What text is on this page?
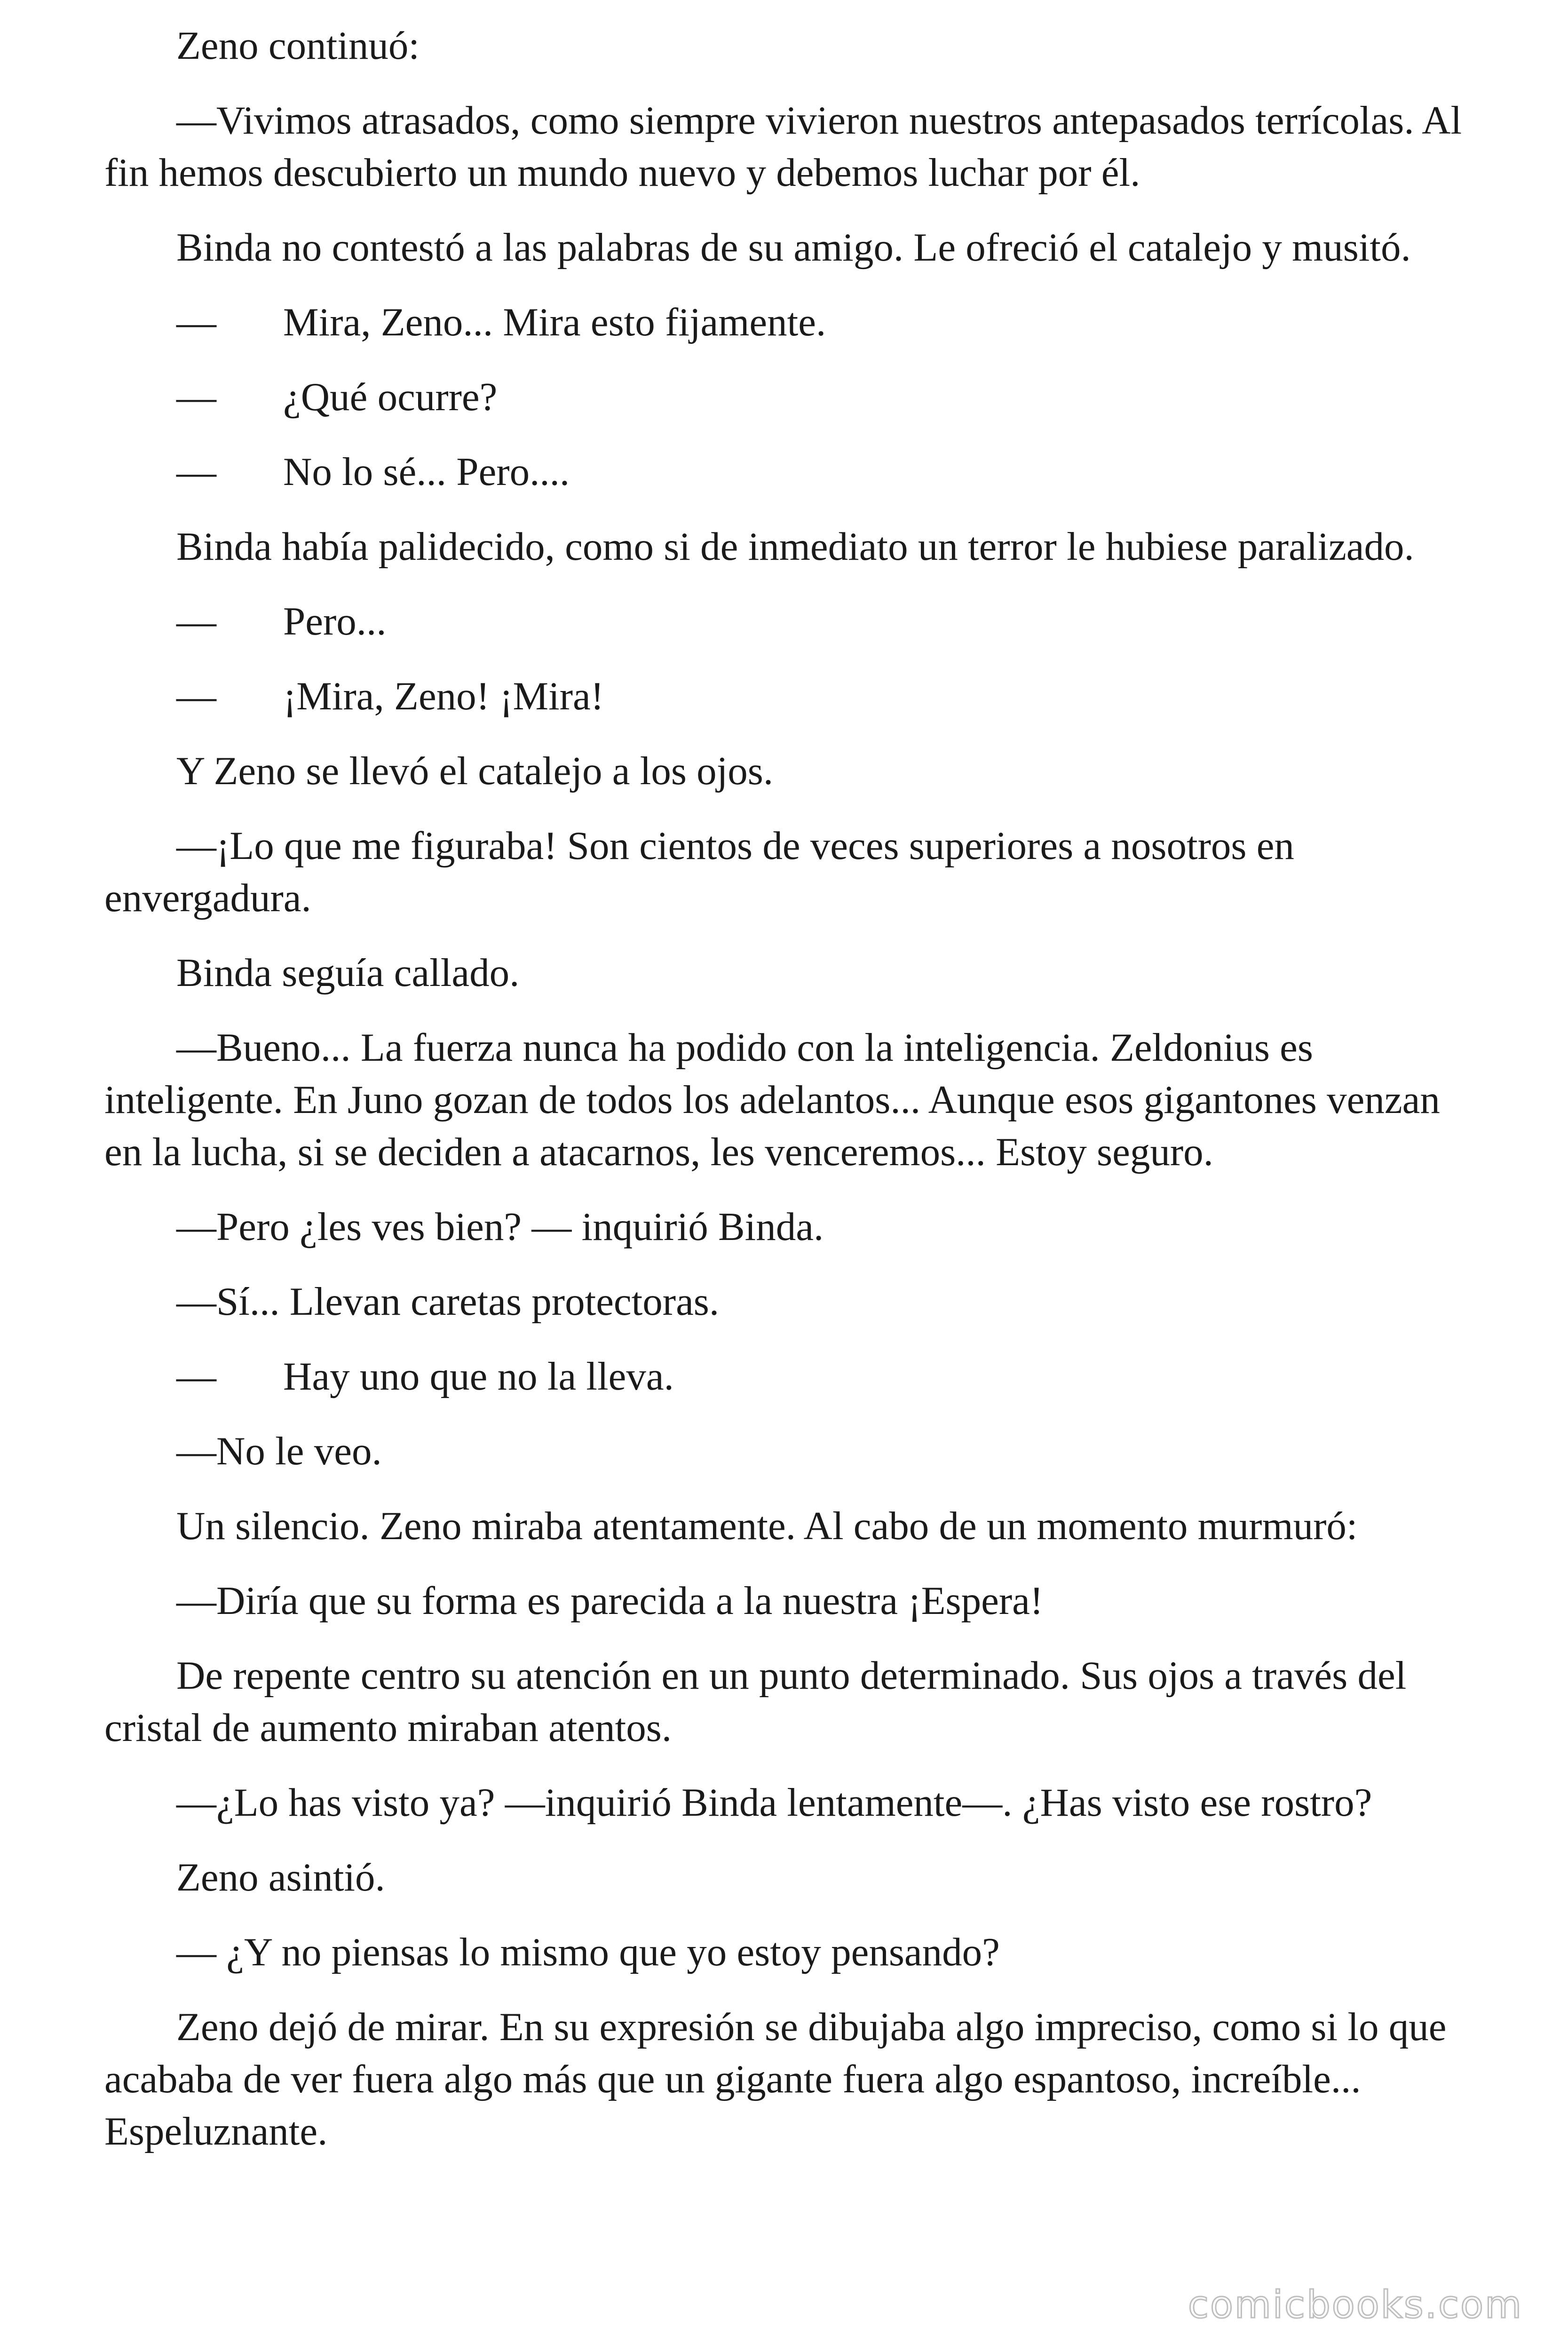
Zeno continuó:

—Vivimos atrasados, como siempre vivieron nuestros antepasados terrícolas. Al fin hemos descubierto un mundo nuevo y debemos luchar por él.

Binda no contestó a las palabras de su amigo. Le ofreció el catalejo y musitó.

—	Mira, Zeno... Mira esto fijamente.
—	¿Qué ocurre?
—	No lo sé... Pero....

Binda había palidecido, como si de inmediato un terror le hubiese paralizado.

—	Pero...
—	¡Mira, Zeno! ¡Mira!

Y Zeno se llevó el catalejo a los ojos.

—¡Lo que me figuraba! Son cientos de veces superiores a nosotros en envergadura.

Binda seguía callado.

—Bueno... La fuerza nunca ha podido con la inteligencia. Zeldonius es inteligente. En Juno gozan de todos los adelantos... Aunque esos gigantones venzan en la lucha, si se deciden a atacarnos, les venceremos... Estoy seguro.

—Pero ¿les ves bien? — inquirió Binda.

—Sí... Llevan caretas protectoras.

—	Hay uno que no la lleva.

—No le veo.

Un silencio. Zeno miraba atentamente. Al cabo de un momento murmuró:

—Diría que su forma es parecida a la nuestra ¡Espera!

De repente centro su atención en un punto determinado. Sus ojos a través del cristal de aumento miraban atentos.

—¿Lo has visto ya? —inquirió Binda lentamente—. ¿Has visto ese rostro?

Zeno asintió.

— ¿Y no piensas lo mismo que yo estoy pensando?

Zeno dejó de mirar. En su expresión se dibujaba algo impreciso, como si lo que acababa de ver fuera algo más que un gigante fuera algo espantoso, increíble... Espeluznante.

comicbooks.com
